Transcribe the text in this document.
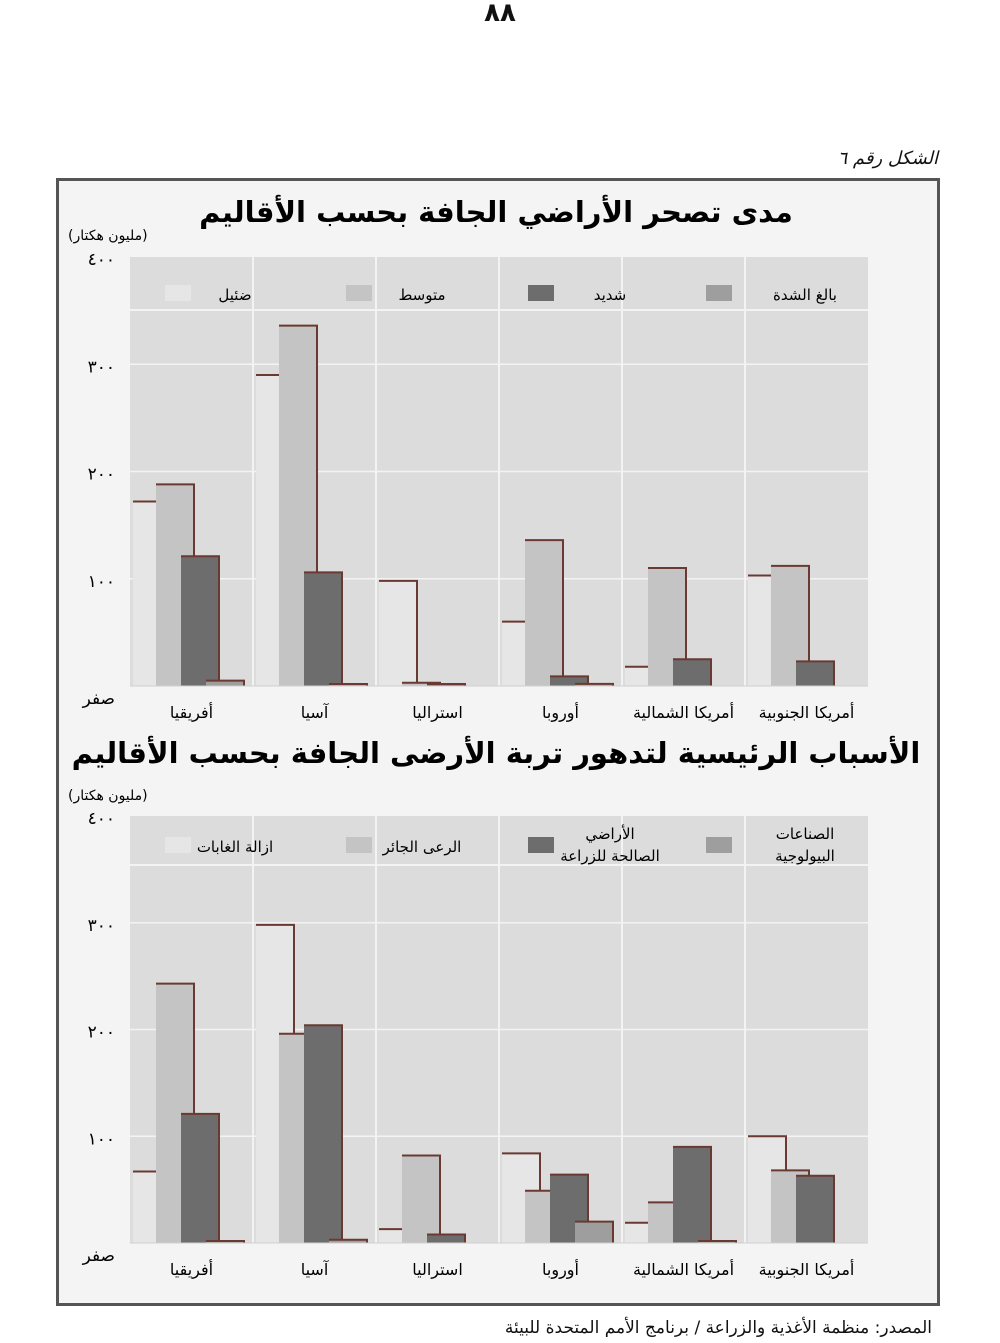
٨٨
الشكل رقم ٦
مدى تصحر الأراضي الجافة بحسب الأقاليم
(مليون هكتار)
صفر
١٠٠
٢٠٠
٣٠٠
٤٠٠
أفريقيا	آسيا	استراليا	أوروبا	أمريكا الشمالية أمريكا الجنوبية
ضئيل	متوسط	شديد	بالغ الشدة
الأسباب الرئيسية لتدهور تربة الأرضى الجافة بحسب الأقاليم
(مليون هكتار)
صفر
١٠٠
٢٠٠
٣٠٠
٤٠٠
أفريقيا	آسيا	استراليا	أوروبا	أمريكا الشمالية أمريكا الجنوبية
ازالة الغابات	الرعى الجائر
الأراضي
الصالحة للزراعة
الصناعات
البيولوجية
المصدر: منظمة الأغذية والزراعة / برنامج الأمم المتحدة للبيئة
